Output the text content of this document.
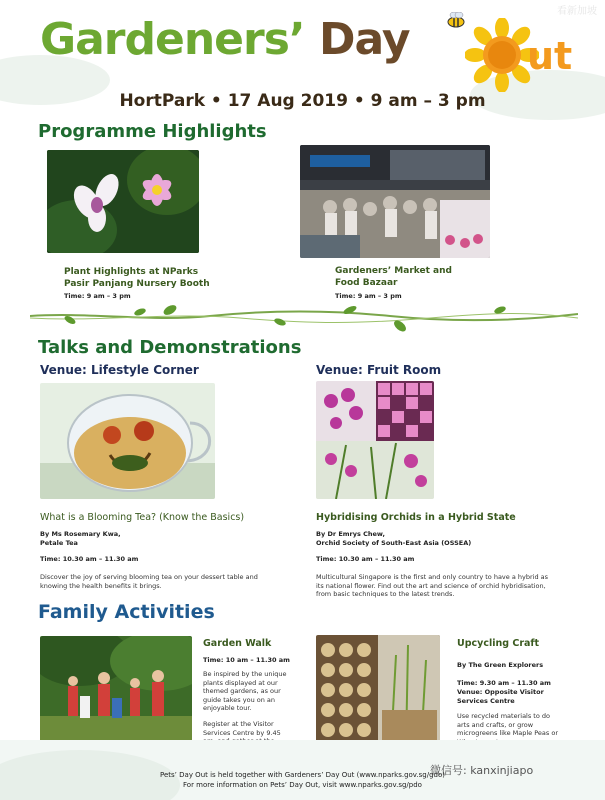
Gardeners’ Day	ut
看新加坡
HortPark • 17 Aug 2019 • 9 am – 3 pm
Programme Highlights
Plant Highlights at NParks
Pasir Panjang Nursery Booth
Time: 9 am – 3 pm
Gardeners’ Market and
Food Bazaar
Time: 9 am – 3 pm
Talks and Demonstrations
Venue: Lifestyle Corner	Venue: Fruit Room
What is a Blooming Tea? (Know the Basics)
By Ms Rosemary Kwa,
Petale Tea
Time: 10.30 am – 11.30 am
Discover the joy of serving blooming tea on your dessert table and
knowing the health benefits it brings.
Hybridising Orchids in a Hybrid State
By Dr Emrys Chew,
Orchid Society of South-East Asia (OSSEA)
Time: 10.30 am – 11.30 am
Multicultural Singapore is the first and only country to have a hybrid as
its national flower. Find out the art and science of orchid hybridisation,
from basic techniques to the latest trends.
Family Activities
Garden Walk
Time: 10 am – 11.30 am
Be inspired by the unique
plants displayed at our
themed gardens, as our
guide takes you on an
enjoyable tour.
Register at the Visitor
Services Centre by 9.45
Upcycling Craft
By The Green Explorers
Time: 9.30 am – 11.30 am
Venue: Opposite Visitor
Services Centre
Use recycled materials to do
arts and crafts, or grow
microgreens like Maple Peas or
Pets’ Day Out is held together with Gardeners’ Day Out (www.nparks.gov.sg/gdo)
For more information on Pets’ Day Out, visit www.nparks.gov.sg/pdo
微信号: kanxinjiapo
